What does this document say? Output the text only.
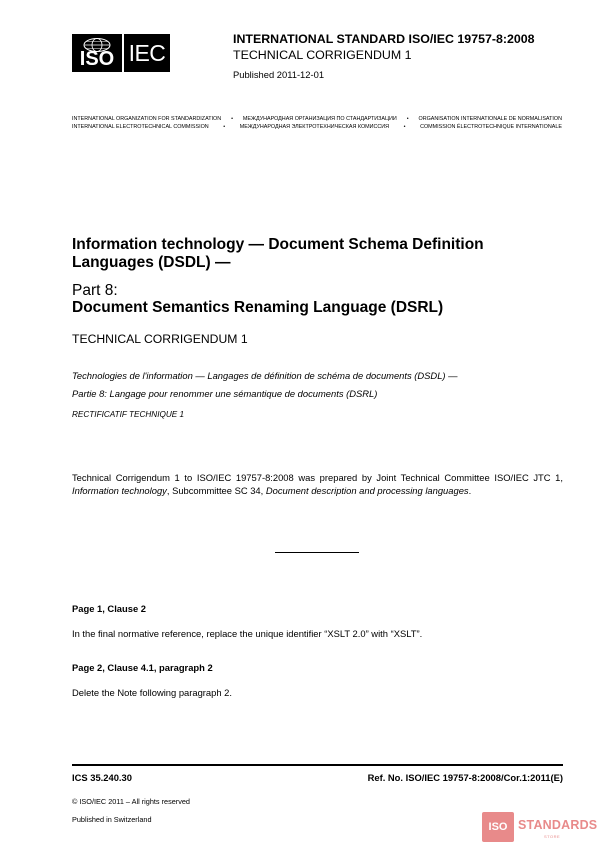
ISO IEC
INTERNATIONAL STANDARD ISO/IEC 19757-8:2008
TECHNICAL CORRIGENDUM 1
Published 2011-12-01
INTERNATIONAL ORGANIZATION FOR STANDARDIZATION	•	МЕЖДУНАРОДНАЯ ОРГАНИЗАЦИЯ ПО СТАНДАРТИЗАЦИИ	•	ORGANISATION INTERNATIONALE DE NORMALISATION
INTERNATIONAL ELECTROTECHNICAL COMMISSION	•	МЕЖДУНАРОДНАЯ ЭЛЕКТРОТЕХНИЧЕСКАЯ КОМИССИЯ	•	COMMISSION ÉLECTROTECHNIQUE INTERNATIONALE
Information technology — Document Schema Definition Languages (DSDL) —
Part 8:
Document Semantics Renaming Language (DSRL)
TECHNICAL CORRIGENDUM 1
Technologies de l'information — Langages de définition de schéma de documents (DSDL) —
Partie 8: Langage pour renommer une sémantique de documents (DSRL)
RECTIFICATIF TECHNIQUE 1
Technical Corrigendum 1 to ISO/IEC 19757-8:2008 was prepared by Joint Technical Committee ISO/IEC JTC 1, Information technology, Subcommittee SC 34, Document description and processing languages.
Page 1, Clause 2
In the final normative reference, replace the unique identifier “XSLT 2.0” with “XSLT”.
Page 2, Clause 4.1, paragraph 2
Delete the Note following paragraph 2.
ICS 35.240.30	Ref. No. ISO/IEC 19757-8:2008/Cor.1:2011(E)
© ISO/IEC 2011 – All rights reserved
Published in Switzerland
ISO STANDARDS
STORE
